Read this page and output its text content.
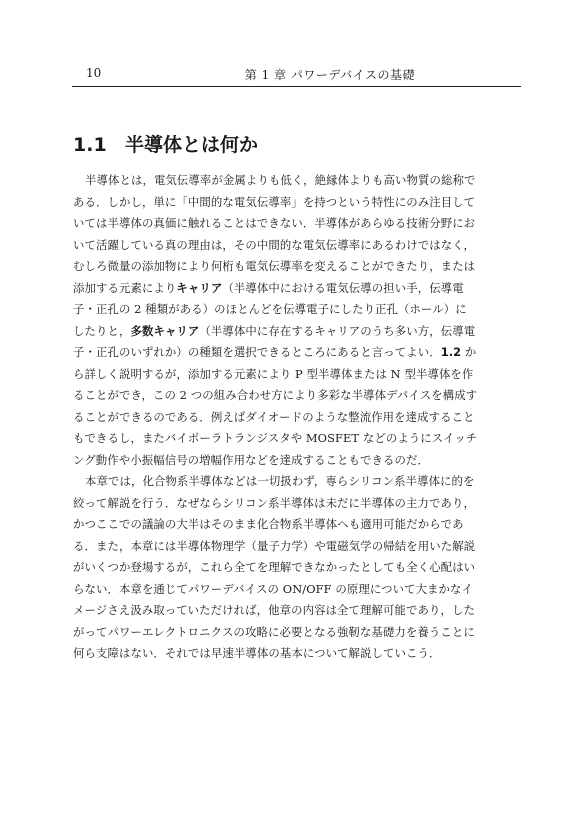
10	第 1 章 パワーデバイスの基礎
1.1 半導体とは何か
半導体とは，電気伝導率が金属よりも低く，絶縁体よりも高い物質の総称で
ある．しかし，単に「中間的な電気伝導率」を持つという特性にのみ注目して
いては半導体の真価に触れることはできない．半導体があらゆる技術分野にお
いて活躍している真の理由は，その中間的な電気伝導率にあるわけではなく，
むしろ微量の添加物により何桁も電気伝導率を変えることができたり，または
添加する元素によりキャリア（半導体中における電気伝導の担い手，伝導電
子・正孔の 2 種類がある）のほとんどを伝導電子にしたり正孔（ホール）に
したりと，多数キャリア（半導体中に存在するキャリアのうち多い方，伝導電
子・正孔のいずれか）の種類を選択できるところにあると言ってよい．1.2 か
ら詳しく説明するが，添加する元素により P 型半導体または N 型半導体を作
ることができ，この 2 つの組み合わせ方により多彩な半導体デバイスを構成す
ることができるのである．例えばダイオードのような整流作用を達成すること
もできるし，またバイポーラトランジスタや MOSFET などのようにスイッチ
ング動作や小振幅信号の増幅作用などを達成することもできるのだ．
本章では，化合物系半導体などは一切扱わず，専らシリコン系半導体に的を
絞って解説を行う．なぜならシリコン系半導体は未だに半導体の主力であり，
かつここでの議論の大半はそのまま化合物系半導体へも適用可能だからであ
る．また，本章には半導体物理学（量子力学）や電磁気学の帰結を用いた解説
がいくつか登場するが，これら全てを理解できなかったとしても全く心配はい
らない．本章を通じてパワーデバイスの ON/OFF の原理について大まかなイ
メージさえ汲み取っていただければ，他章の内容は全て理解可能であり，した
がってパワーエレクトロニクスの攻略に必要となる強靭な基礎力を養うことに
何ら支障はない．それでは早速半導体の基本について解説していこう．
